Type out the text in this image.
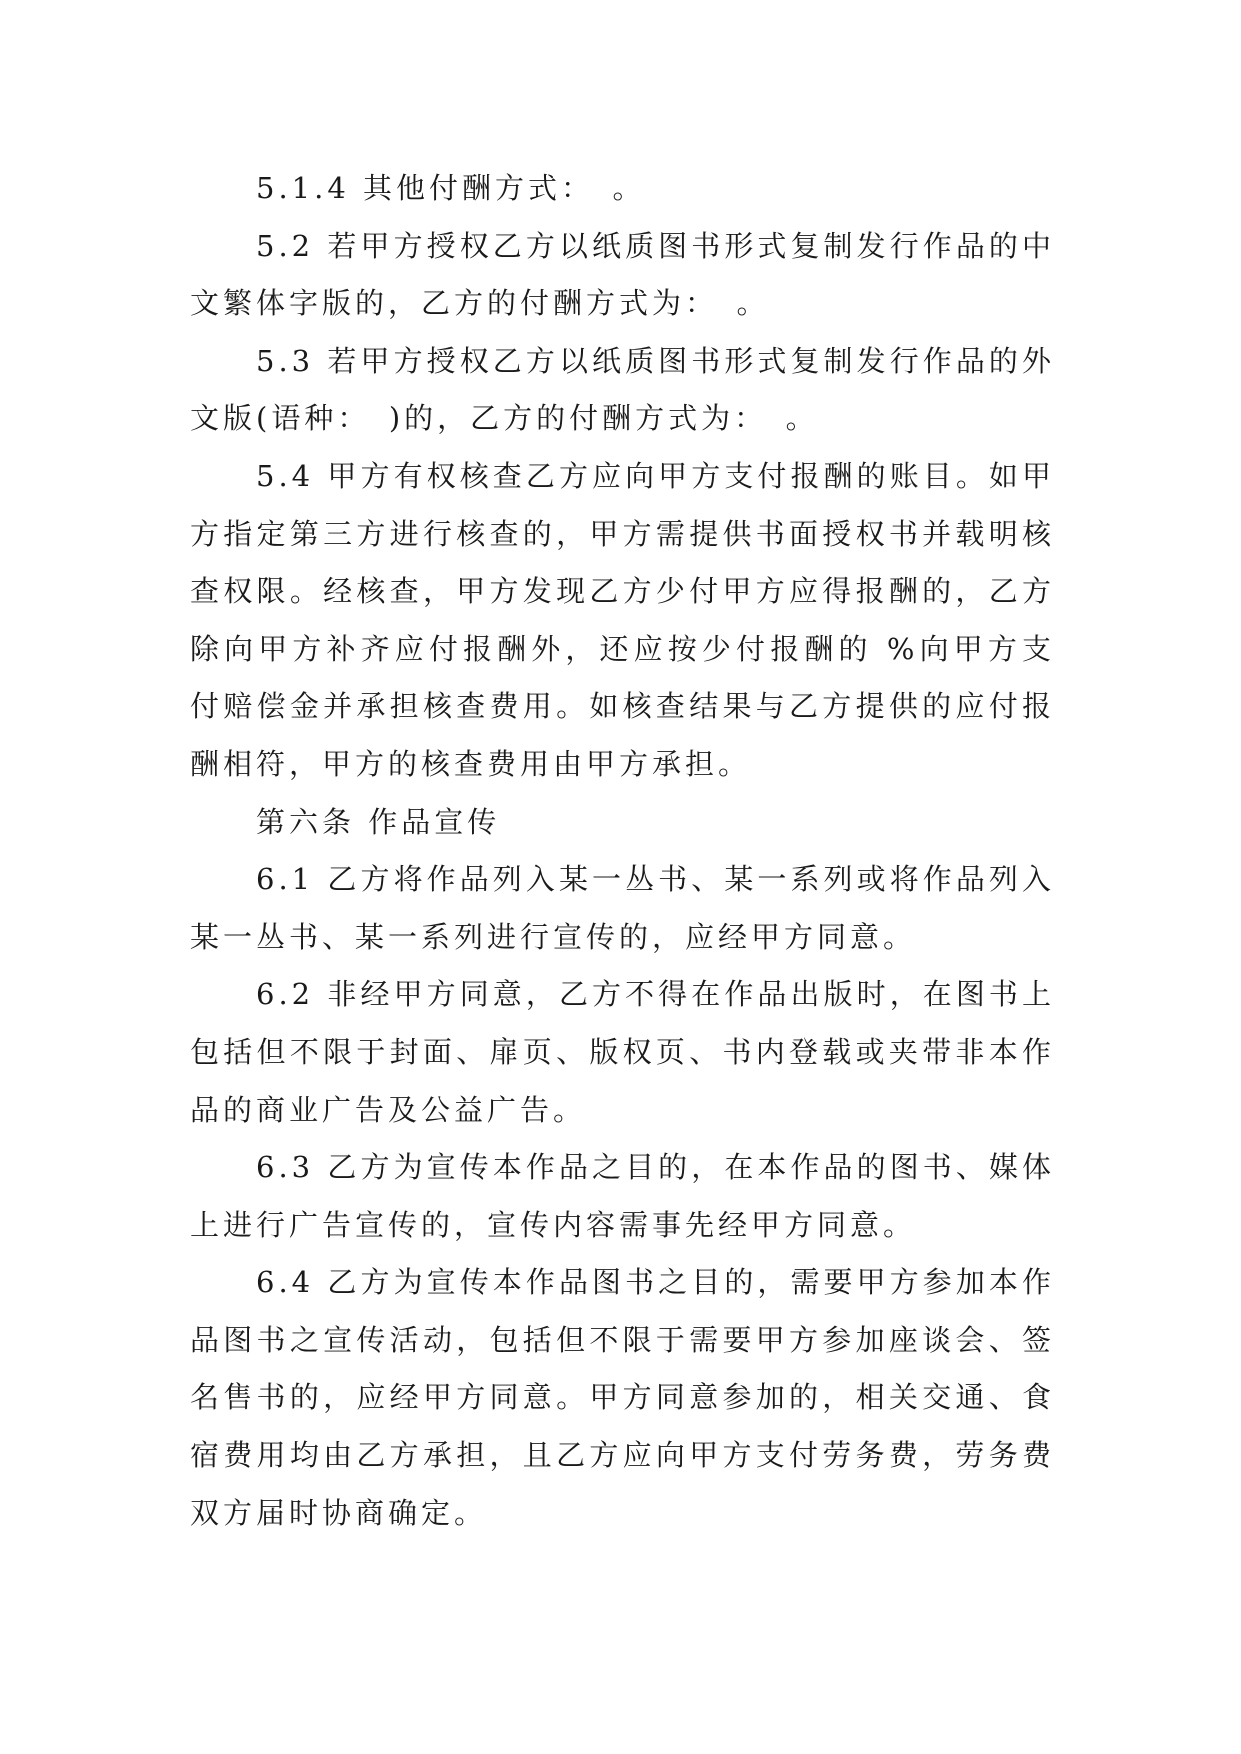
5.1.4 其他付酬方式：　。

5.2 若甲方授权乙方以纸质图书形式复制发行作品的中文繁体字版的，乙方的付酬方式为：　。

5.3 若甲方授权乙方以纸质图书形式复制发行作品的外文版(语种：　)的，乙方的付酬方式为：　。

5.4 甲方有权核查乙方应向甲方支付报酬的账目。如甲方指定第三方进行核查的，甲方需提供书面授权书并载明核查权限。经核查，甲方发现乙方少付甲方应得报酬的，乙方除向甲方补齐应付报酬外，还应按少付报酬的 %向甲方支付赔偿金并承担核查费用。如核查结果与乙方提供的应付报酬相符，甲方的核查费用由甲方承担。

第六条 作品宣传

6.1 乙方将作品列入某一丛书、某一系列或将作品列入某一丛书、某一系列进行宣传的，应经甲方同意。

6.2 非经甲方同意，乙方不得在作品出版时，在图书上包括但不限于封面、扉页、版权页、书内登载或夹带非本作品的商业广告及公益广告。

6.3 乙方为宣传本作品之目的，在本作品的图书、媒体上进行广告宣传的，宣传内容需事先经甲方同意。

6.4 乙方为宣传本作品图书之目的，需要甲方参加本作品图书之宣传活动，包括但不限于需要甲方参加座谈会、签名售书的，应经甲方同意。甲方同意参加的，相关交通、食宿费用均由乙方承担，且乙方应向甲方支付劳务费，劳务费双方届时协商确定。
